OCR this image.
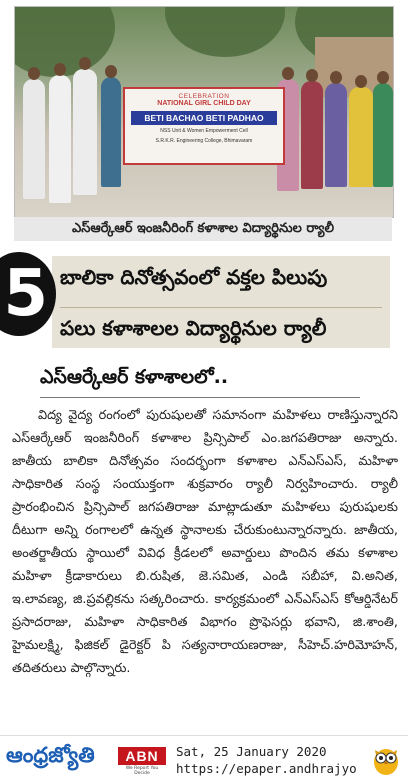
CELEBRATION
NATIONAL GIRL CHILD DAY
BETI BACHAO BETI PADHAO
NSS Unit & Women Empowerment Cell
S.R.K.R. Engineering College, Bhimavaram
ఎస్ఆర్కేఆర్ ఇంజనీరింగ్ కళాశాల విద్యార్థినుల ర్యాలీ
5 బాలికా దినోత్సవంలో వక్తల పిలుపు
పలు కళాశాలల విద్యార్థినుల ర్యాలీ
ఎస్ఆర్కేఆర్ కళాశాలలో..

విద్య వైద్య రంగంలో పురుషులతో సమానంగా మహిళలు రాణిస్తున్నారని ఎస్ఆర్కేఆర్ ఇంజనీరింగ్ కళాశాల ప్రిన్సిపాల్ ఎం.జగపతిరాజు అన్నారు. జాతీయ బాలికా దినోత్సవం సందర్భంగా కళాశాల ఎన్ఎస్ఎస్, మహిళా సాధికారిత సంస్థ సంయుక్తంగా శుక్రవారం ర్యాలీ నిర్వహించారు. ర్యాలీ ప్రారంభించిన ప్రిన్సిపాల్ జగపతిరాజు మాట్లాడుతూ మహిళలు పురుషులకు దీటుగా అన్ని రంగాలలో ఉన్నత స్థానాలకు చేరుకుంటున్నారన్నారు. జాతీయ, అంతర్జాతీయ స్థాయిలో వివిధ క్రీడలలో అవార్డులు పొందిన తమ కళాశాల మహిళా క్రీడాకారులు బి.రుషిత, జె.సమిత, ఎండి సబీహా, వి.అనిత, ఇ.లావణ్య, జి.ప్రవల్లికను సత్కరించారు. కార్యక్రమంలో ఎన్ఎస్ఎస్ కోఆర్డినేటర్ ప్రసాదరాజు, మహిళా సాధికారిత విభాగం ప్రొఫెసర్లు భవాని, జి.శాంతి, హైమలక్ష్మి, ఫిజికల్ డైరెక్టర్ పి సత్యనారాయణరాజు, సీహెచ్.హరిమోహన్, తదితరులు పాల్గొన్నారు.

ఆంధ్రజ్యోతి	ABN
We Report You Decide
Sat, 25 January 2020
https://epaper.andhrajyo
